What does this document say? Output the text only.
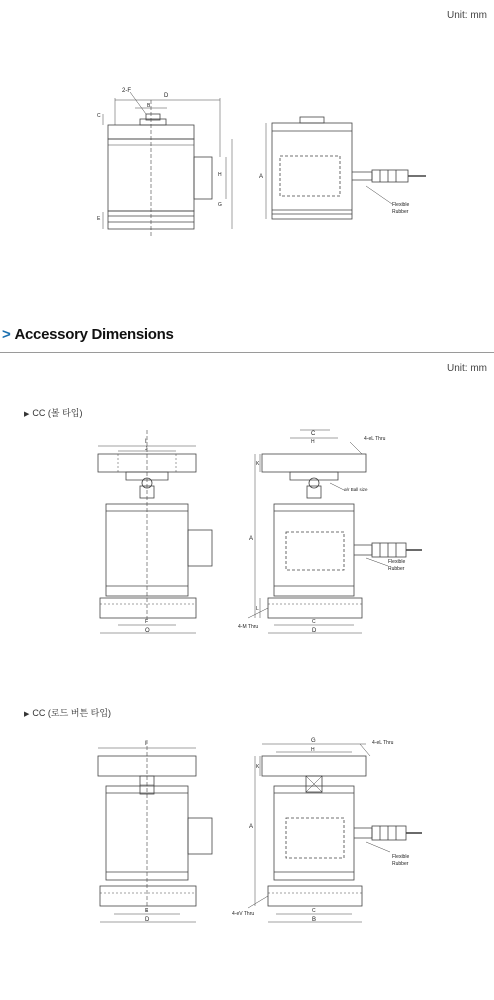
Unit: mm
Unit: mm
> Accessory Dimensions
▶ CC (볼 타입)
▶ CC (로드 버튼 타입)
2-F
D
B
C
H
G
E
A
Flexible
Rubber
I
J
F
O
C
H
K
A
L
C
D
4-eL Thru
ø/r Ball size
4-M Thru
Flexible
Rubber
I
E
D
G
H
K
A
C
B
4-eL Thru
4-eV Thru
Flexible
Rubber
